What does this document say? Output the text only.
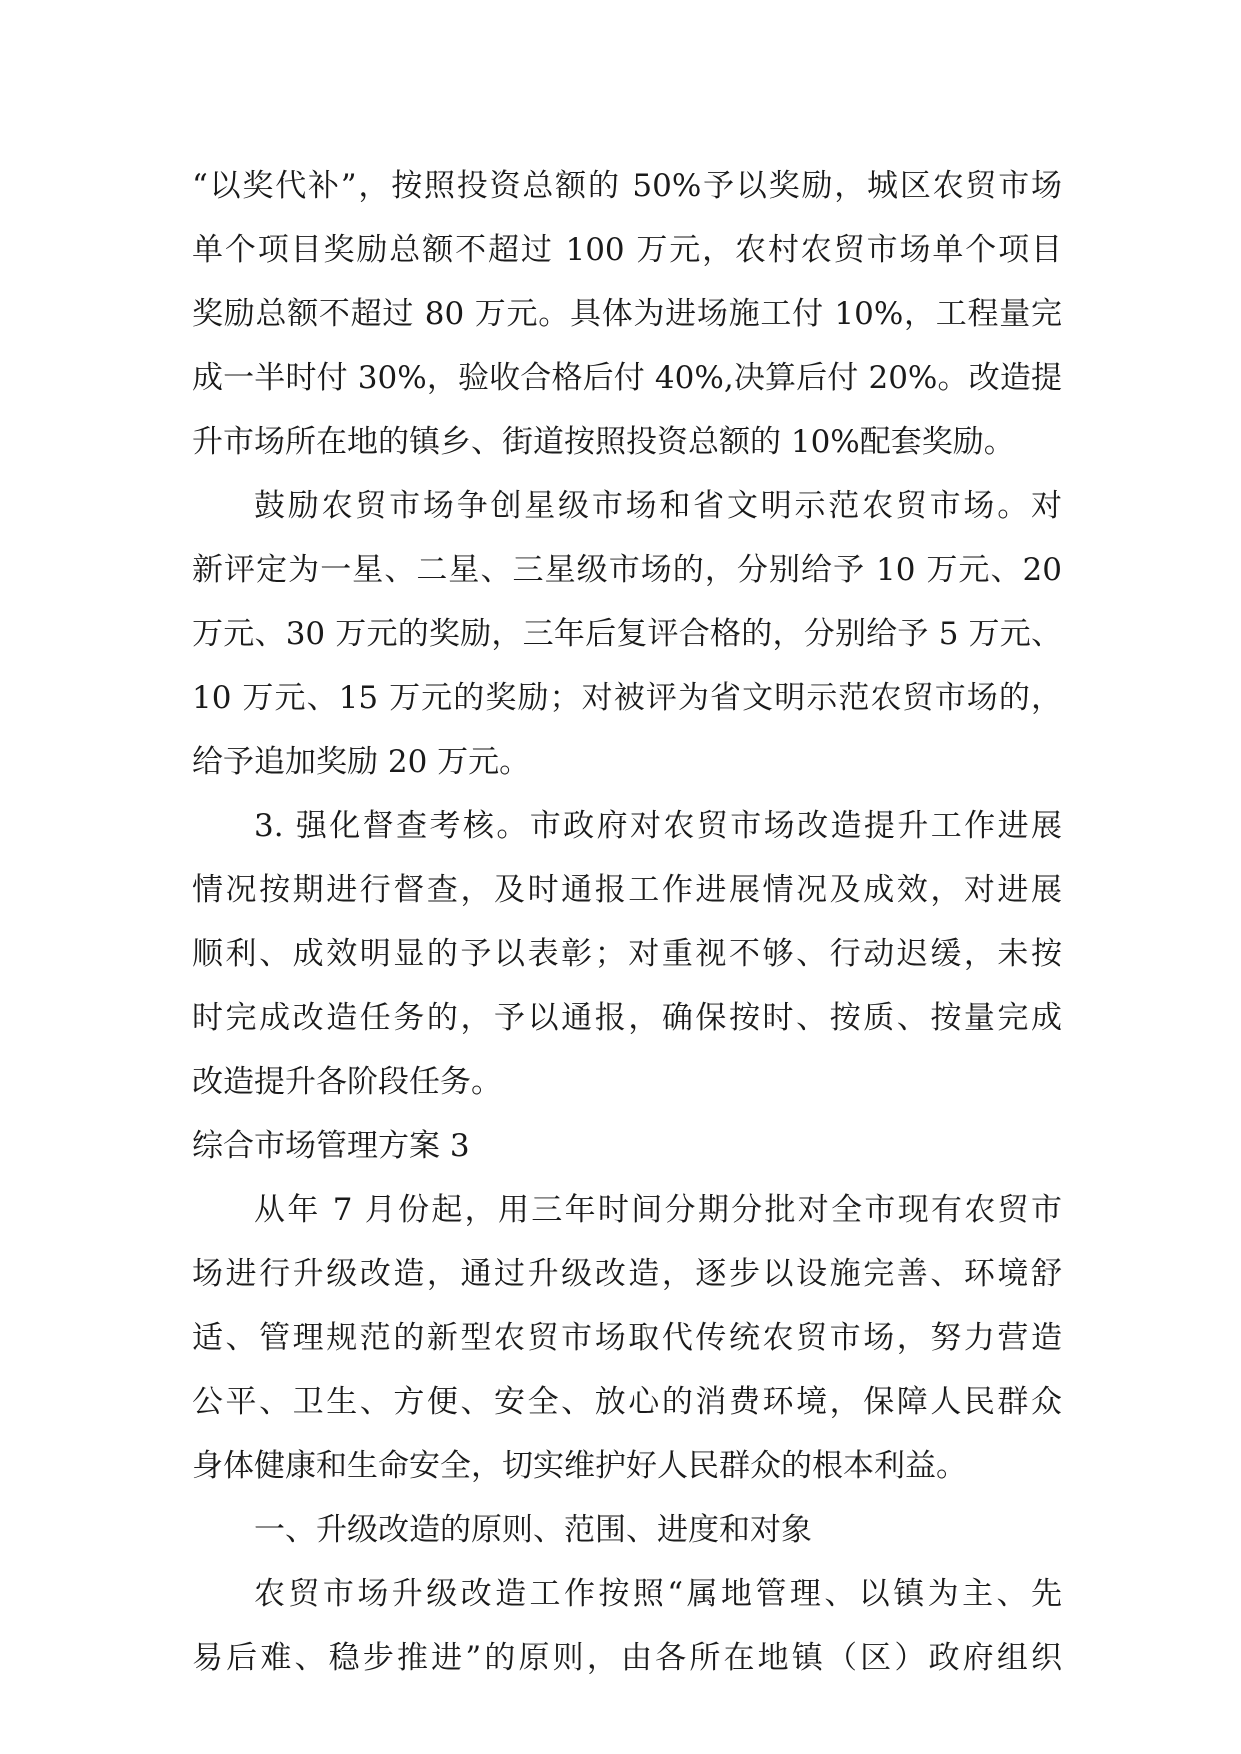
“以奖代补”，按照投资总额的 50%予以奖励，城区农贸市场
单个项目奖励总额不超过 100 万元，农村农贸市场单个项目
奖励总额不超过 80 万元。具体为进场施工付 10%，工程量完
成一半时付 30%，验收合格后付 40%,决算后付 20%。改造提
升市场所在地的镇乡、街道按照投资总额的 10%配套奖励。
鼓励农贸市场争创星级市场和省文明示范农贸市场。对
新评定为一星、二星、三星级市场的，分别给予 10 万元、20
万元、30 万元的奖励，三年后复评合格的，分别给予 5 万元、
10 万元、15 万元的奖励；对被评为省文明示范农贸市场的，
给予追加奖励 20 万元。
3. 强化督查考核。市政府对农贸市场改造提升工作进展
情况按期进行督查，及时通报工作进展情况及成效，对进展
顺利、成效明显的予以表彰；对重视不够、行动迟缓，未按
时完成改造任务的，予以通报，确保按时、按质、按量完成
改造提升各阶段任务。
综合市场管理方案 3
从年 7 月份起，用三年时间分期分批对全市现有农贸市
场进行升级改造，通过升级改造，逐步以设施完善、环境舒
适、管理规范的新型农贸市场取代传统农贸市场，努力营造
公平、卫生、方便、安全、放心的消费环境，保障人民群众
身体健康和生命安全，切实维护好人民群众的根本利益。
一、升级改造的原则、范围、进度和对象
农贸市场升级改造工作按照“属地管理、以镇为主、先
易后难、稳步推进”的原则，由各所在地镇（区）政府组织
